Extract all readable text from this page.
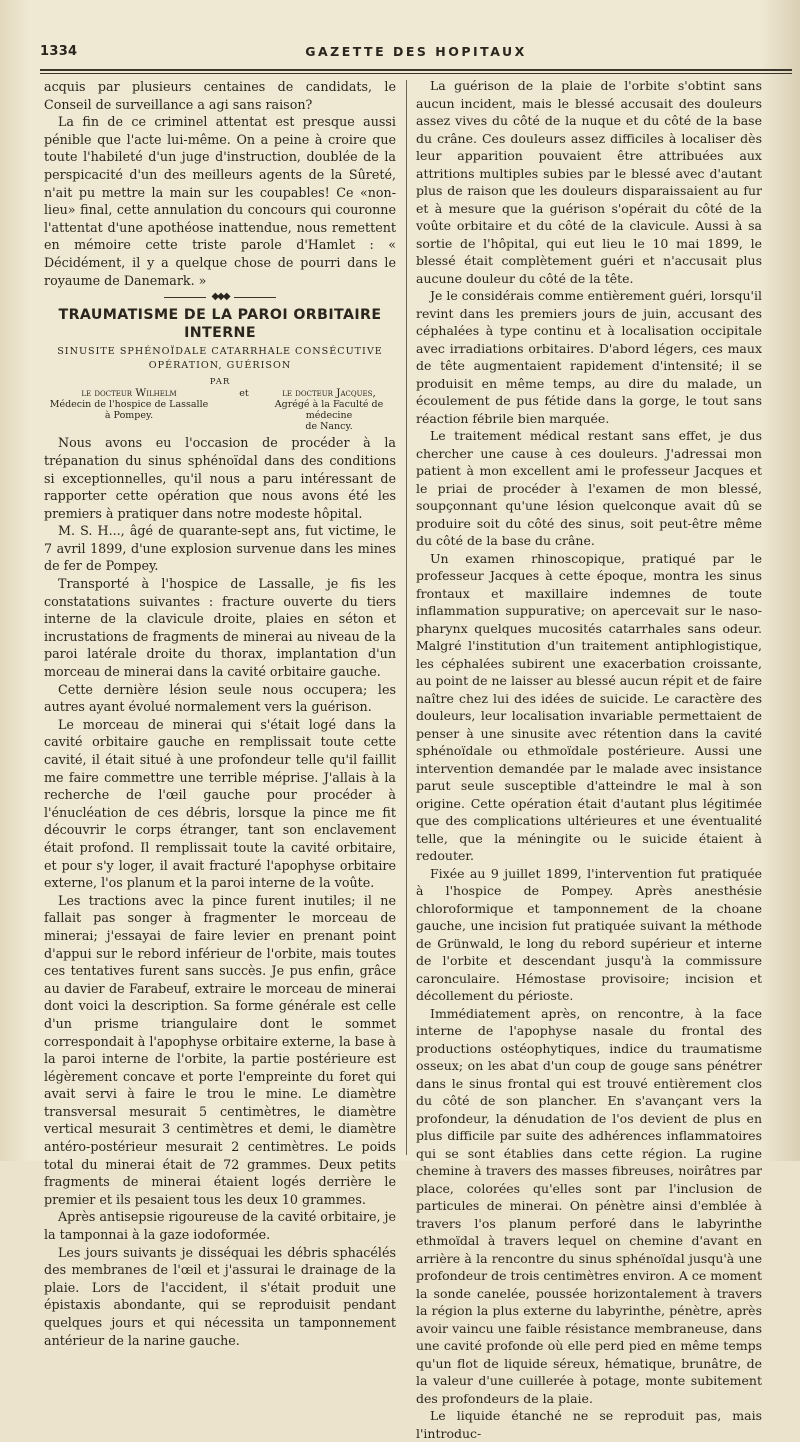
1334	GAZETTE DES HOPITAUX

acquis par plusieurs centaines de candidats, le Conseil de surveillance a agi sans raison?

La fin de ce criminel attentat est presque aussi pénible que l'acte lui-même. On a peine à croire que toute l'habileté d'un juge d'instruction, doublée de la perspicacité d'un des meilleurs agents de la Sûreté, n'ait pu mettre la main sur les coupables! Ce «non-lieu» final, cette annulation du concours qui couronne l'attentat d'une apothéose inattendue, nous remettent en mémoire cette triste parole d'Hamlet : « Décidément, il y a quelque chose de pourri dans le royaume de Danemark. »

◆◆◆
TRAUMATISME DE LA PAROI ORBITAIRE INTERNE
SINUSITE SPHÉNOÏDALE CATARRHALE CONSÉCUTIVE
OPÉRATION, GUÉRISON
PAR
le docteur Wilhelm
Médecin de l'hospice de Lassalle
à Pompey.
et	le docteur Jacques,
Agrégé à la Faculté de médecine
de Nancy.

Nous avons eu l'occasion de procéder à la trépanation du sinus sphénoïdal dans des conditions si exceptionnelles, qu'il nous a paru intéressant de rapporter cette opération que nous avons été les premiers à pratiquer dans notre modeste hôpital.

M. S. H..., âgé de quarante-sept ans, fut victime, le 7 avril 1899, d'une explosion survenue dans les mines de fer de Pompey.

Transporté à l'hospice de Lassalle, je fis les constatations suivantes : fracture ouverte du tiers interne de la clavicule droite, plaies en séton et incrustations de fragments de minerai au niveau de la paroi latérale droite du thorax, implantation d'un morceau de minerai dans la cavité orbitaire gauche.

Cette dernière lésion seule nous occupera; les autres ayant évolué normalement vers la guérison.

Le morceau de minerai qui s'était logé dans la cavité orbitaire gauche en remplissait toute cette cavité, il était situé à une profondeur telle qu'il faillit me faire commettre une terrible méprise. J'allais à la recherche de l'œil gauche pour procéder à l'énucléation de ces débris, lorsque la pince me fit découvrir le corps étranger, tant son enclavement était profond. Il remplissait toute la cavité orbitaire, et pour s'y loger, il avait fracturé l'apophyse orbitaire externe, l'os planum et la paroi interne de la voûte.

Les tractions avec la pince furent inutiles; il ne fallait pas songer à fragmenter le morceau de minerai; j'essayai de faire levier en prenant point d'appui sur le rebord inférieur de l'orbite, mais toutes ces tentatives furent sans succès. Je pus enfin, grâce au davier de Farabeuf, extraire le morceau de minerai dont voici la description. Sa forme générale est celle d'un prisme triangulaire dont le sommet correspondait à l'apophyse orbitaire externe, la base à la paroi interne de l'orbite, la partie postérieure est légèrement concave et porte l'empreinte du foret qui avait servi à faire le trou le mine. Le diamètre transversal mesurait 5 centimètres, le diamètre vertical mesurait 3 centimètres et demi, le diamètre antéro-postérieur mesurait 2 centimètres. Le poids total du minerai était de 72 grammes. Deux petits fragments de minerai étaient logés derrière le premier et ils pesaient tous les deux 10 grammes.

Après antisepsie rigoureuse de la cavité orbitaire, je la tamponnai à la gaze iodoformée.

Les jours suivants je disséquai les débris sphacélés des membranes de l'œil et j'assurai le drainage de la plaie. Lors de l'accident, il s'était produit une épistaxis abondante, qui se reproduisit pendant quelques jours et qui nécessita un tamponnement antérieur de la narine gauche.

La guérison de la plaie de l'orbite s'obtint sans aucun incident, mais le blessé accusait des douleurs assez vives du côté de la nuque et du côté de la base du crâne. Ces douleurs assez difficiles à localiser dès leur apparition pouvaient être attribuées aux attritions multiples subies par le blessé avec d'autant plus de raison que les douleurs disparaissaient au fur et à mesure que la guérison s'opérait du côté de la voûte orbitaire et du côté de la clavicule. Aussi à sa sortie de l'hôpital, qui eut lieu le 10 mai 1899, le blessé était complètement guéri et n'accusait plus aucune douleur du côté de la tête.

Je le considérais comme entièrement guéri, lorsqu'il revint dans les premiers jours de juin, accusant des céphalées à type continu et à localisation occipitale avec irradiations orbitaires. D'abord légers, ces maux de tête augmentaient rapidement d'intensité; il se produisit en même temps, au dire du malade, un écoulement de pus fétide dans la gorge, le tout sans réaction fébrile bien marquée.

Le traitement médical restant sans effet, je dus chercher une cause à ces douleurs. J'adressai mon patient à mon excellent ami le professeur Jacques et le priai de procéder à l'examen de mon blessé, soupçonnant qu'une lésion quelconque avait dû se produire soit du côté des sinus, soit peut-être même du côté de la base du crâne.

Un examen rhinoscopique, pratiqué par le professeur Jacques à cette époque, montra les sinus frontaux et maxillaire indemnes de toute inflammation suppurative; on apercevait sur le naso-pharynx quelques mucosités catarrhales sans odeur. Malgré l'institution d'un traitement antiphlogistique, les céphalées subirent une exacerbation croissante, au point de ne laisser au blessé aucun répit et de faire naître chez lui des idées de suicide. Le caractère des douleurs, leur localisation invariable permettaient de penser à une sinusite avec rétention dans la cavité sphénoïdale ou ethmoïdale postérieure. Aussi une intervention demandée par le malade avec insistance parut seule susceptible d'atteindre le mal à son origine. Cette opération était d'autant plus légitimée que des complications ultérieures et une éventualité telle, que la méningite ou le suicide étaient à redouter.

Fixée au 9 juillet 1899, l'intervention fut pratiquée à l'hospice de Pompey. Après anesthésie chloroformique et tamponnement de la choane gauche, une incision fut pratiquée suivant la méthode de Grünwald, le long du rebord supérieur et interne de l'orbite et descendant jusqu'à la commissure caronculaire. Hémostase provisoire; incision et décollement du périoste.

Immédiatement après, on rencontre, à la face interne de l'apophyse nasale du frontal des productions ostéophytiques, indice du traumatisme osseux; on les abat d'un coup de gouge sans pénétrer dans le sinus frontal qui est trouvé entièrement clos du côté de son plancher. En s'avançant vers la profondeur, la dénudation de l'os devient de plus en plus difficile par suite des adhérences inflammatoires qui se sont établies dans cette région. La rugine chemine à travers des masses fibreuses, noirâtres par place, colorées qu'elles sont par l'inclusion de particules de minerai. On pénètre ainsi d'emblée à travers l'os planum perforé dans le labyrinthe ethmoïdal à travers lequel on chemine d'avant en arrière à la rencontre du sinus sphénoïdal jusqu'à une profondeur de trois centimètres environ. A ce moment la sonde canelée, poussée horizontalement à travers la région la plus externe du labyrinthe, pénètre, après avoir vaincu une faible résistance membraneuse, dans une cavité profonde où elle perd pied en même temps qu'un flot de liquide séreux, hématique, brunâtre, de la valeur d'une cuillerée à potage, monte subitement des profondeurs de la plaie.

Le liquide étanché ne se reproduit pas, mais l'introduc-
